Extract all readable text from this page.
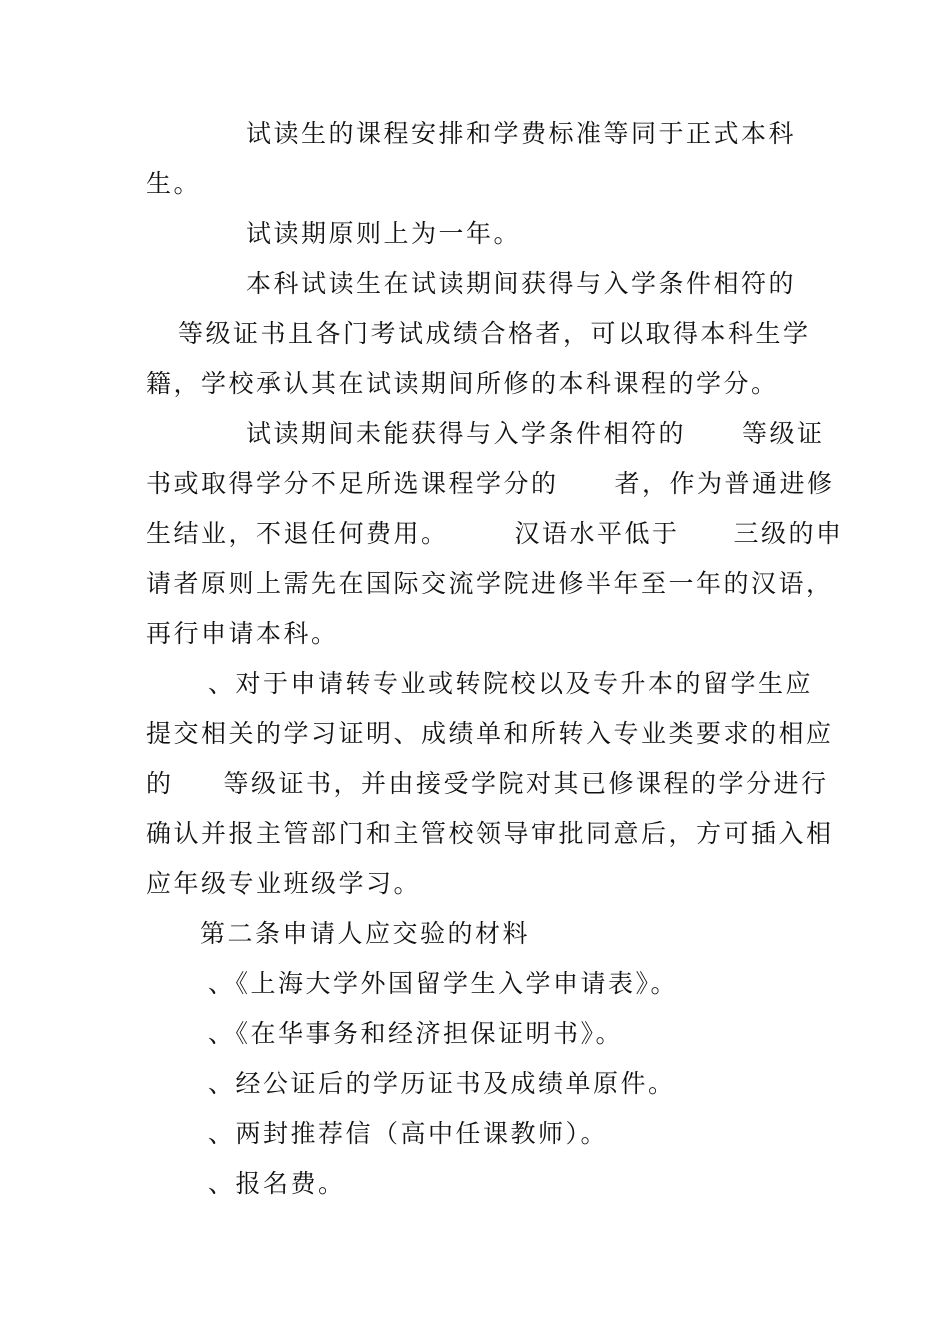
试读生的课程安排和学费标准等同于正式本科
生。
试读期原则上为一年。
本科试读生在试读期间获得与入学条件相符的
等级证书且各门考试成绩合格者，可以取得本科生学
籍，学校承认其在试读期间所修的本科课程的学分。
试读期间未能获得与入学条件相符的 等级证
书或取得学分不足所选课程学分的 者，作为普通进修
生结业，不退任何费用。	汉语水平低于 三级的申
请者原则上需先在国际交流学院进修半年至一年的汉语，
再行申请本科。
、对于申请转专业或转院校以及专升本的留学生应
提交相关的学习证明、成绩单和所转入专业类要求的相应
的 等级证书，并由接受学院对其已修课程的学分进行
确认并报主管部门和主管校领导审批同意后，方可插入相
应年级专业班级学习。
第二条申请人应交验的材料
、《上海大学外国留学生入学申请表》。
、《在华事务和经济担保证明书》。
、经公证后的学历证书及成绩单原件。
、两封推荐信（高中任课教师）。
、报名费。
